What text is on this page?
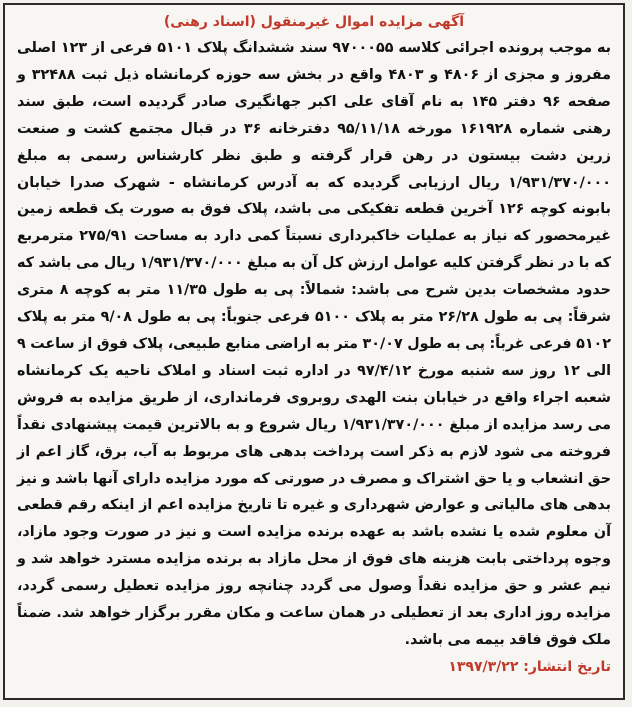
آگهی مزایده اموال غیرمنقول (اسناد رهنی)
به موجب پرونده اجرائی کلاسه ۹۷۰۰۰۵۵ سند ششدانگ پلاک ۵۱۰۱ فرعی از ۱۲۳ اصلی مفروز و مجزی از ۴۸۰۶ و ۴۸۰۳ واقع در بخش سه حوزه کرمانشاه ذیل ثبت ۳۲۴۸۸ و صفحه ۹۶ دفتر ۱۴۵ به نام آقای علی اکبر جهانگیری صادر گردیده است، طبق سند رهنی شماره ۱۶۱۹۲۸ مورخه ۹۵/۱۱/۱۸ دفترخانه ۳۶ در قبال مجتمع کشت و صنعت زرین دشت بیستون در رهن قرار گرفته و طبق نظر کارشناس رسمی به مبلغ ۱/۹۳۱/۳۷۰/۰۰۰ ریال ارزیابی گردیده که به آدرس کرمانشاه - شهرک صدرا خیابان بابونه کوچه ۱۲۶ آخرین قطعه تفکیکی می باشد، پلاک فوق به صورت یک قطعه زمین غیرمحصور که نیاز به عملیات خاکبرداری نسبتاً کمی دارد به مساحت ۲۷۵/۹۱ مترمربع که با در نظر گرفتن کلیه عوامل ارزش کل آن به مبلغ ۱/۹۳۱/۳۷۰/۰۰۰ ریال می باشد که حدود مشخصات بدین شرح می باشد: شمالاً: پی به طول ۱۱/۳۵ متر به کوچه ۸ متری شرقاً: پی به طول ۲۶/۲۸ متر به پلاک ۵۱۰۰ فرعی جنوباً: پی به طول ۹/۰۸ متر به پلاک ۵۱۰۲ فرعی غرباً: پی به طول ۳۰/۰۷ متر به اراضی منابع طبیعی، پلاک فوق از ساعت ۹ الی ۱۲ روز سه شنبه مورخ ۹۷/۴/۱۲ در اداره ثبت اسناد و املاک ناحیه یک کرمانشاه شعبه اجراء واقع در خیابان بنت الهدی روبروی فرمانداری، از طریق مزایده به فروش می رسد مزایده از مبلغ ۱/۹۳۱/۳۷۰/۰۰۰ ریال شروع و به بالاترین قیمت پیشنهادی نقداً فروخته می شود لازم به ذکر است پرداخت بدهی های مربوط به آب، برق، گاز اعم از حق انشعاب و یا حق اشتراک و مصرف در صورتی که مورد مزایده دارای آنها باشد و نیز بدهی های مالیاتی و عوارض شهرداری و غیره تا تاریخ مزایده اعم از اینکه رقم قطعی آن معلوم شده یا نشده باشد به عهده برنده مزایده است و نیز در صورت وجود مازاد، وجوه پرداختی بابت هزینه های فوق از محل مازاد به برنده مزایده مسترد خواهد شد و نیم عشر و حق مزایده نقداً وصول می گردد چنانچه روز مزایده تعطیل رسمی گردد، مزایده روز اداری بعد از تعطیلی در همان ساعت و مکان مقرر برگزار خواهد شد. ضمناً ملک فوق فاقد بیمه می باشد.
تاریخ انتشار: ۱۳۹۷/۳/۲۲
